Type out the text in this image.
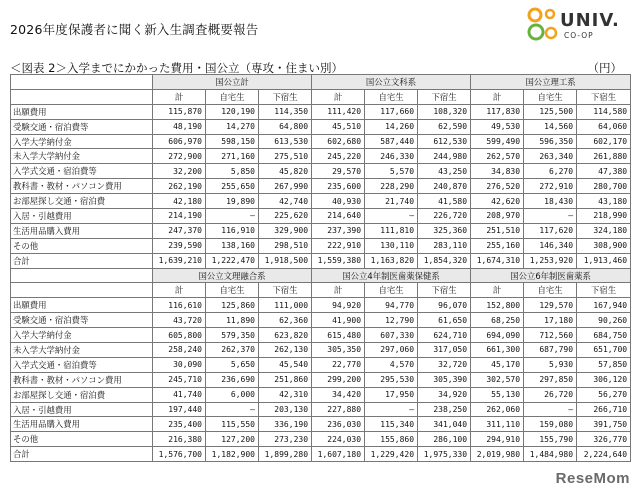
2026年度保護者に聞く新入生調査概要報告	UNIV.
CO-OP
＜図表 2＞入学までにかかった費用・国公立（専攻・住まい別）	（円）
	国公立計			国公立文科系			国公立理工系		
	計	自宅生	下宿生	計	自宅生	下宿生	計	自宅生	下宿生
出願費用	115,870	120,190	114,350	111,420	117,660	108,320	117,830	125,500	114,580
受験交通・宿泊費等	48,190	14,270	64,800	45,510	14,260	62,590	49,530	14,560	64,060
入学大学納付金	606,970	598,150	613,530	602,680	587,440	612,530	599,490	596,350	602,170
未入学大学納付金	272,900	271,160	275,510	245,220	246,330	244,980	262,570	263,340	261,880
入学式交通・宿泊費等	32,200	5,850	45,820	29,570	5,570	43,250	34,830	6,270	47,380
教科書・教材・パソコン費用	262,190	255,650	267,990	235,600	228,290	240,870	276,520	272,910	280,700
お部屋探し交通・宿泊費	42,180	19,890	42,740	40,930	21,740	41,580	42,620	18,430	43,180
入居・引越費用	214,190	―	225,620	214,640	―	226,720	208,970	―	218,990
生活用品購入費用	247,370	116,910	329,900	237,390	111,810	325,360	251,510	117,620	324,180
その他	239,590	138,160	298,510	222,910	130,110	283,110	255,160	146,340	308,900
合計	1,639,210	1,222,470	1,918,500	1,559,380	1,163,820	1,854,320	1,674,310	1,253,920	1,913,460
	国公立文理融合系			国公立4年制医歯薬保健系			国公立6年制医歯薬系		
	計	自宅生	下宿生	計	自宅生	下宿生	計	自宅生	下宿生
出願費用	116,610	125,860	111,000	94,920	94,770	96,070	152,800	129,570	167,940
受験交通・宿泊費等	43,720	11,890	62,360	41,900	12,790	61,650	68,250	17,180	90,260
入学大学納付金	605,800	579,350	623,820	615,480	607,330	624,710	694,090	712,560	684,750
未入学大学納付金	258,240	262,370	262,130	305,350	297,060	317,050	661,300	687,790	651,700
入学式交通・宿泊費等	30,090	5,650	45,540	22,770	4,570	32,720	45,170	5,930	57,850
教科書・教材・パソコン費用	245,710	236,690	251,860	299,200	295,530	305,390	302,570	297,850	306,120
お部屋探し交通・宿泊費	41,740	6,000	42,310	34,420	17,950	34,920	55,130	26,720	56,270
入居・引越費用	197,440	―	203,130	227,880	―	238,250	262,060	―	266,710
生活用品購入費用	235,400	115,550	336,190	236,030	115,340	341,040	311,110	159,080	391,750
その他	216,380	127,200	273,230	224,030	155,860	286,100	294,910	155,790	326,770
合計	1,576,700	1,182,900	1,899,280	1,607,180	1,229,420	1,975,330	2,019,980	1,484,980	2,224,640
ReseMom
